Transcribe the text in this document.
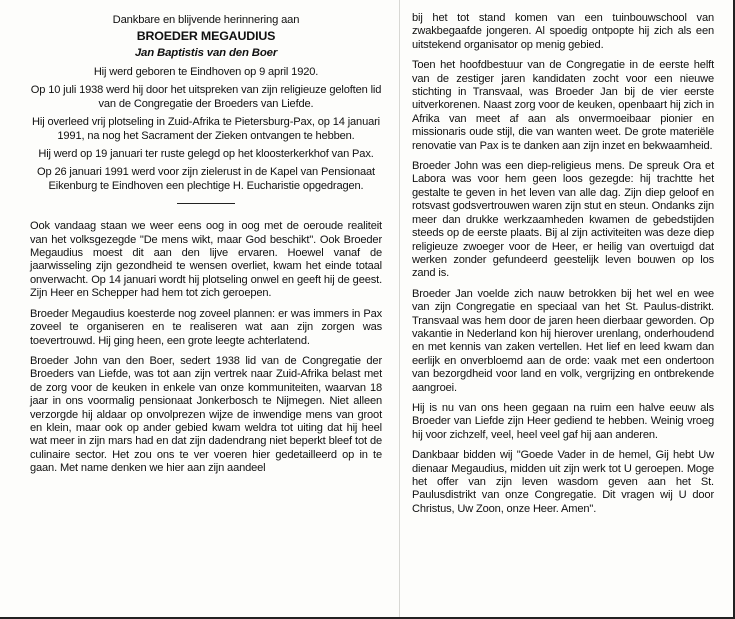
Dankbare en blijvende herinnering aan
BROEDER MEGAUDIUS
Jan Baptistis van den Boer
Hij werd geboren te Eindhoven op 9 april 1920.
Op 10 juli 1938 werd hij door het uitspreken van zijn religieuze geloften lid van de Congregatie der Broeders van Liefde.
Hij overleed vrij plotseling in Zuid-Afrika te Pietersburg-Pax, op 14 januari 1991, na nog het Sacrament der Zieken ontvangen te hebben.
Hij werd op 19 januari ter ruste gelegd op het kloosterkerkhof van Pax.
Op 26 januari 1991 werd voor zijn zielerust in de Kapel van Pensionaat Eikenburg te Eindhoven een plechtige H. Eucharistie opgedragen.

Ook vandaag staan we weer eens oog in oog met de oeroude realiteit van het volksgezegde "De mens wikt, maar God beschikt". Ook Broeder Megaudius moest dit aan den lijve ervaren. Hoewel vanaf de jaarwisseling zijn gezondheid te wensen overliet, kwam het einde totaal onverwacht. Op 14 januari wordt hij plotseling onwel en geeft hij de geest. Zijn Heer en Schepper had hem tot zich geroepen.

Broeder Megaudius koesterde nog zoveel plannen: er was immers in Pax zoveel te organiseren en te realiseren wat aan zijn zorgen was toevertrouwd. Hij ging heen, een grote leegte achterlatend.

Broeder John van den Boer, sedert 1938 lid van de Congregatie der Broeders van Liefde, was tot aan zijn vertrek naar Zuid-Afrika belast met de zorg voor de keuken in enkele van onze kommuniteiten, waarvan 18 jaar in ons voormalig pensionaat Jonkerbosch te Nijmegen. Niet alleen verzorgde hij aldaar op onvolprezen wijze de inwendige mens van groot en klein, maar ook op ander gebied kwam weldra tot uiting dat hij heel wat meer in zijn mars had en dat zijn dadendrang niet beperkt bleef tot de culinaire sector. Het zou ons te ver voeren hier gedetailleerd op in te gaan. Met name denken we hier aan zijn aandeel

bij het tot stand komen van een tuinbouwschool van zwakbegaafde jongeren. Al spoedig ontpopte hij zich als een uitstekend organisator op menig gebied.

Toen het hoofdbestuur van de Congregatie in de eerste helft van de zestiger jaren kandidaten zocht voor een nieuwe stichting in Transvaal, was Broeder Jan bij de vier eerste uitverkorenen. Naast zorg voor de keuken, openbaart hij zich in Afrika van meet af aan als onvermoeibaar pionier en missionaris oude stijl, die van wanten weet. De grote materiële renovatie van Pax is te danken aan zijn inzet en bekwaamheid.

Broeder John was een diep-religieus mens. De spreuk Ora et Labora was voor hem geen loos gezegde: hij trachtte het gestalte te geven in het leven van alle dag. Zijn diep geloof en rotsvast godsvertrouwen waren zijn stut en steun. Ondanks zijn meer dan drukke werkzaamheden kwamen de gebedstijden steeds op de eerste plaats. Bij al zijn activiteiten was deze diep religieuze zwoeger voor de Heer, er heilig van overtuigd dat werken zonder gefundeerd geestelijk leven bouwen op los zand is.

Broeder Jan voelde zich nauw betrokken bij het wel en wee van zijn Congregatie en speciaal van het St. Paulus-distrikt. Transvaal was hem door de jaren heen dierbaar geworden. Op vakantie in Nederland kon hij hierover urenlang, onderhoudend en met kennis van zaken vertellen. Het lief en leed kwam dan eerlijk en onverbloemd aan de orde: vaak met een ondertoon van bezorgdheid voor land en volk, vergrijzing en ontbrekende aangroei.

Hij is nu van ons heen gegaan na ruim een halve eeuw als Broeder van Liefde zijn Heer gediend te hebben. Weinig vroeg hij voor zichzelf, veel, heel veel gaf hij aan anderen.

Dankbaar bidden wij "Goede Vader in de hemel, Gij hebt Uw dienaar Megaudius, midden uit zijn werk tot U geroepen. Moge het offer van zijn leven wasdom geven aan het St. Paulusdistrikt van onze Congregatie. Dit vragen wij U door Christus, Uw Zoon, onze Heer. Amen".
